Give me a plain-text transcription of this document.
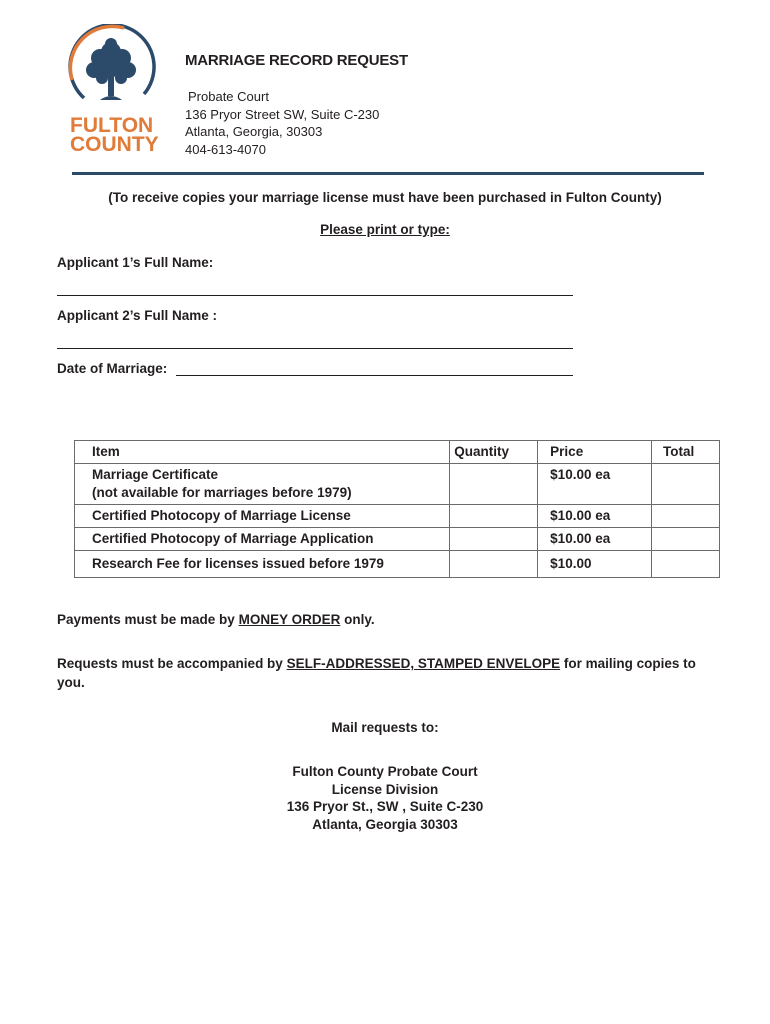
FULTON
COUNTY
MARRIAGE RECORD REQUEST
Probate Court
136 Pryor Street SW, Suite C-230
Atlanta, Georgia, 30303
404-613-4070
(To receive copies your marriage license must have been purchased in Fulton County)
Please print or type:
Applicant 1’s Full Name:
Applicant 2’s Full Name :
Date of Marriage:
Item	Quantity	Price	Total

Marriage Certificate
(not available for marriages before 1979)		$10.00 ea	
Certified Photocopy of Marriage License		$10.00 ea	
Certified Photocopy of Marriage Application		$10.00 ea	
Research Fee for licenses issued before 1979		$10.00	
Payments must be made by MONEY ORDER only.
Requests must be accompanied by SELF-ADDRESSED, STAMPED ENVELOPE for mailing copies to you.
Mail requests to:
Fulton County Probate Court
License Division
136 Pryor St., SW , Suite C-230
Atlanta, Georgia 30303
